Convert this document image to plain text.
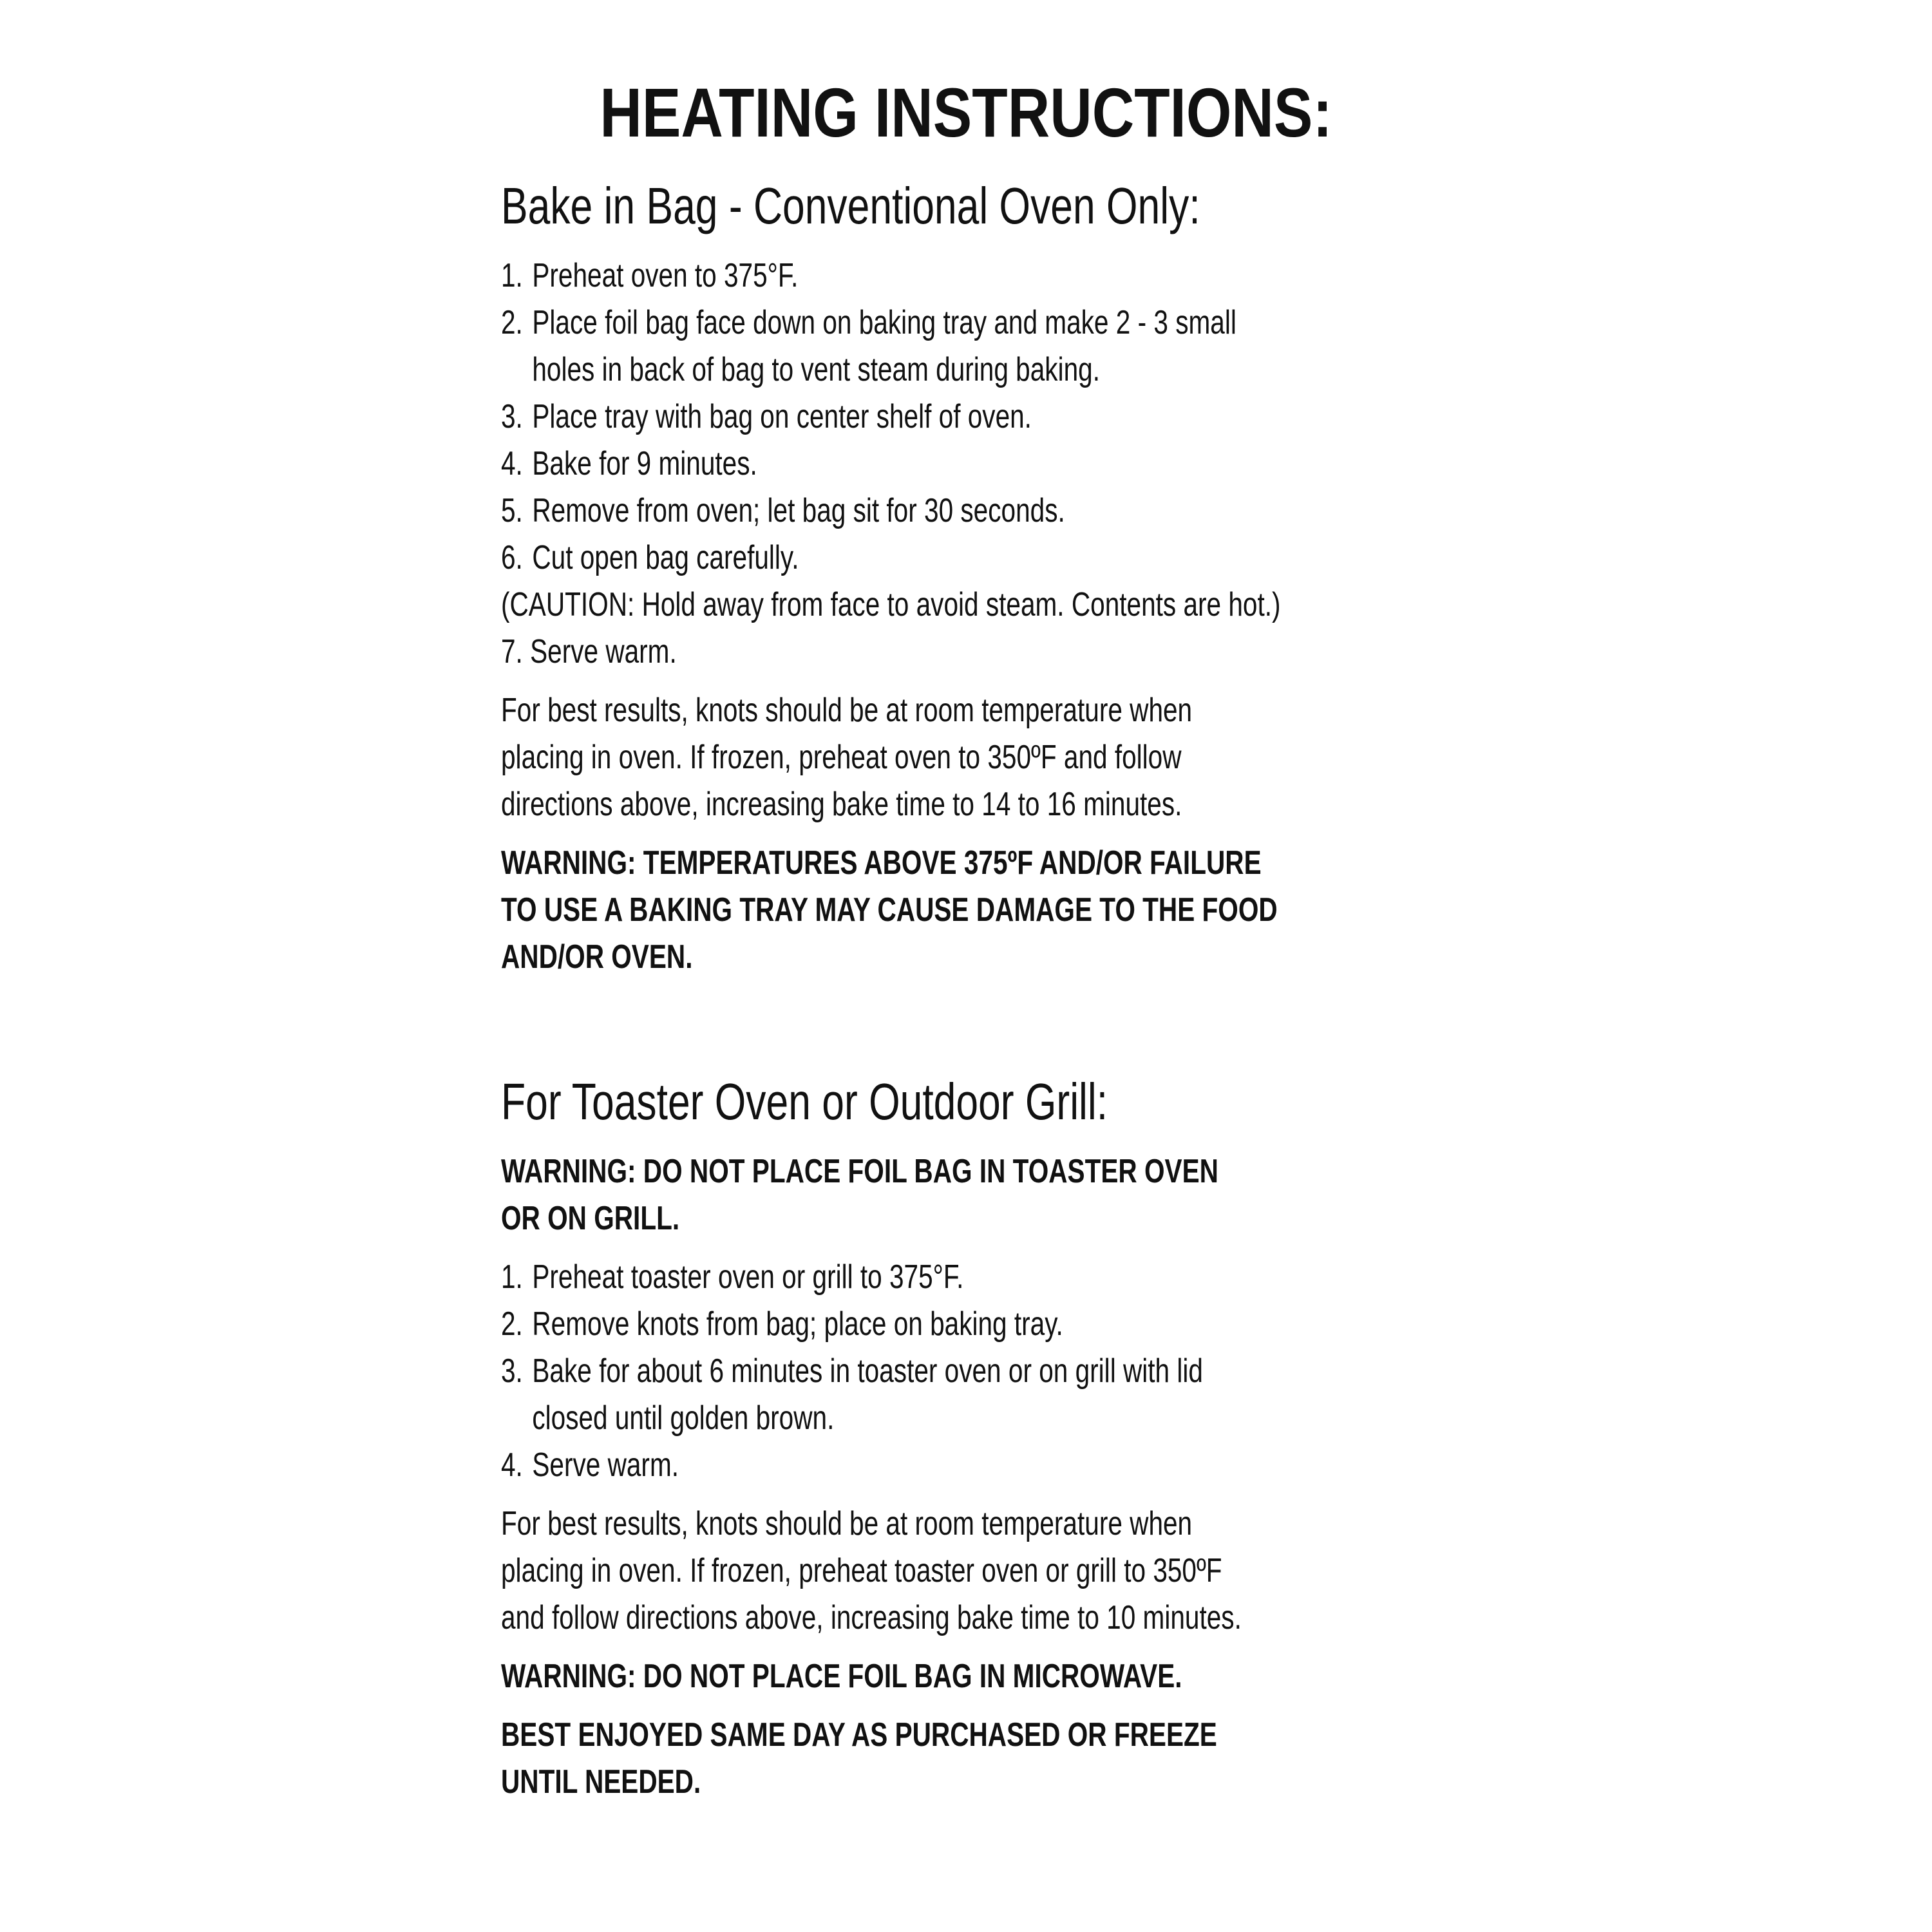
HEATING INSTRUCTIONS:
Bake in Bag - Conventional Oven Only:
1. Preheat oven to 375°F.
2. Place foil bag face down on baking tray and make 2 - 3 small
holes in back of bag to vent steam during baking.
3. Place tray with bag on center shelf of oven.
4. Bake for 9 minutes.
5. Remove from oven; let bag sit for 30 seconds.
6. Cut open bag carefully.
(CAUTION: Hold away from face to avoid steam. Contents are hot.)
7. Serve warm.
For best results, knots should be at room temperature when
placing in oven. If frozen, preheat oven to 350ºF and follow
directions above, increasing bake time to 14 to 16 minutes.
WARNING: TEMPERATURES ABOVE 375ºF AND/OR FAILURE
TO USE A BAKING TRAY MAY CAUSE DAMAGE TO THE FOOD
AND/OR OVEN.
For Toaster Oven or Outdoor Grill:
WARNING: DO NOT PLACE FOIL BAG IN TOASTER OVEN
OR ON GRILL.
1. Preheat toaster oven or grill to 375°F.
2. Remove knots from bag; place on baking tray.
3. Bake for about 6 minutes in toaster oven or on grill with lid
closed until golden brown.
4. Serve warm.
For best results, knots should be at room temperature when
placing in oven. If frozen, preheat toaster oven or grill to 350ºF
and follow directions above, increasing bake time to 10 minutes.
WARNING: DO NOT PLACE FOIL BAG IN MICROWAVE.
BEST ENJOYED SAME DAY AS PURCHASED OR FREEZE
UNTIL NEEDED.
